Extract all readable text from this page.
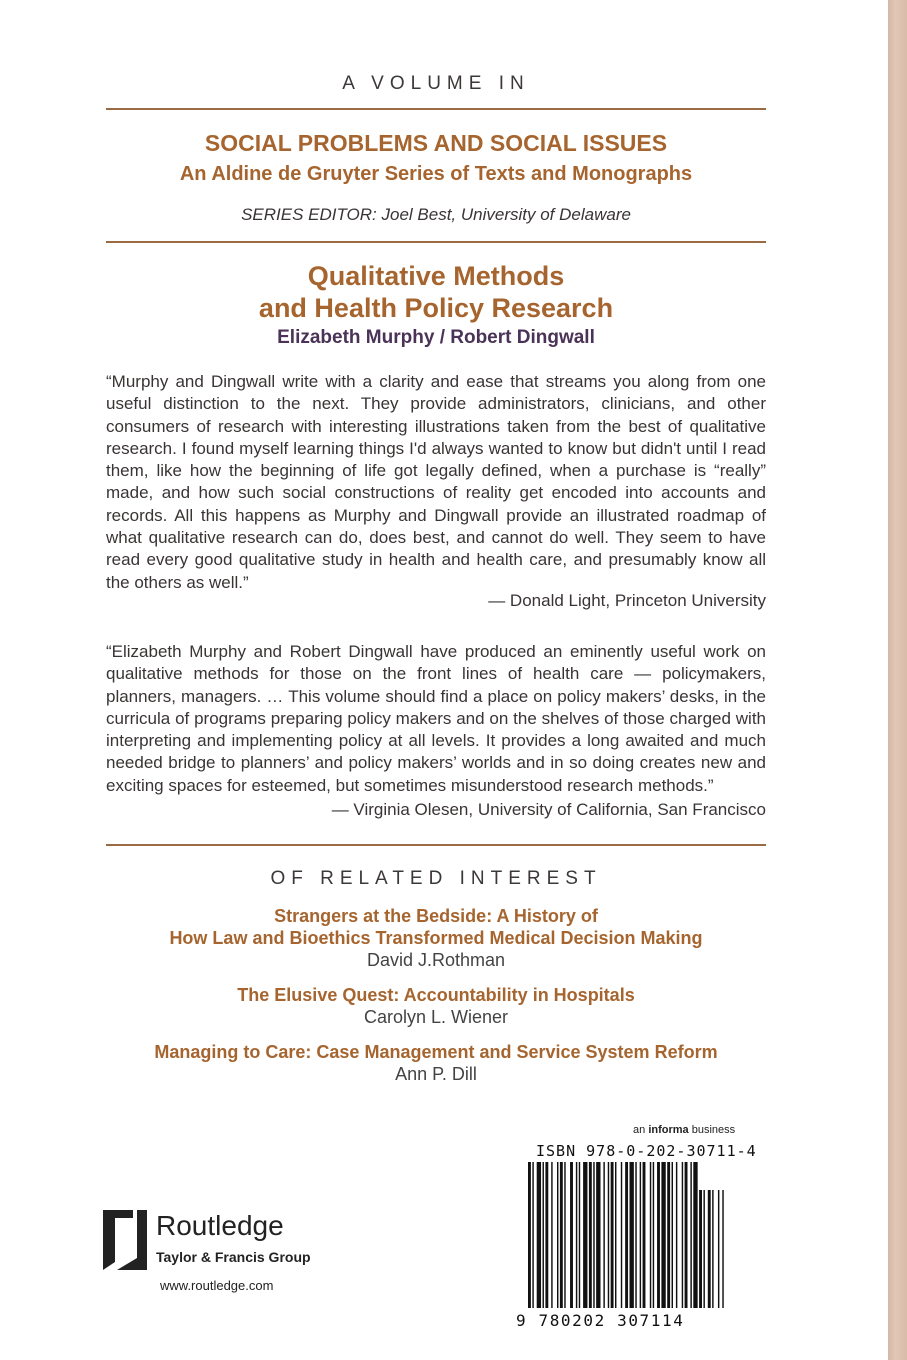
A VOLUME IN
SOCIAL PROBLEMS AND SOCIAL ISSUES
An Aldine de Gruyter Series of Texts and Monographs
SERIES EDITOR: Joel Best, University of Delaware
Qualitative Methods
and Health Policy Research
Elizabeth Murphy / Robert Dingwall
“Murphy and Dingwall write with a clarity and ease that streams you along from one useful distinction to the next. They provide administrators, clinicians, and other consumers of research with interesting illustrations taken from the best of qualitative research. I found myself learning things I'd always wanted to know but didn't until I read them, like how the beginning of life got legally defined, when a purchase is “really” made, and how such social constructions of reality get encoded into accounts and records. All this happens as Murphy and Dingwall provide an illustrated roadmap of what qualitative research can do, does best, and cannot do well. They seem to have read every good qualitative study in health and health care, and presumably know all the others as well.”
— Donald Light, Princeton University
“Elizabeth Murphy and Robert Dingwall have produced an eminently useful work on qualitative methods for those on the front lines of health care — policymakers, planners, managers. … This volume should find a place on policy makers’ desks, in the curricula of programs preparing policy makers and on the shelves of those charged with interpreting and implementing policy at all levels. It provides a long awaited and much needed bridge to planners’ and policy makers’ worlds and in so doing creates new and exciting spaces for esteemed, but sometimes misunderstood research methods.”
— Virginia Olesen, University of California, San Francisco
OF RELATED INTEREST
Strangers at the Bedside: A History of
How Law and Bioethics Transformed Medical Decision Making
David J.Rothman
The Elusive Quest: Accountability in Hospitals
Carolyn L. Wiener
Managing to Care: Case Management and Service System Reform
Ann P. Dill
an informa business
ISBN 978-0-202-30711-4
9 780202 307114
Routledge
Taylor & Francis Group
www.routledge.com
